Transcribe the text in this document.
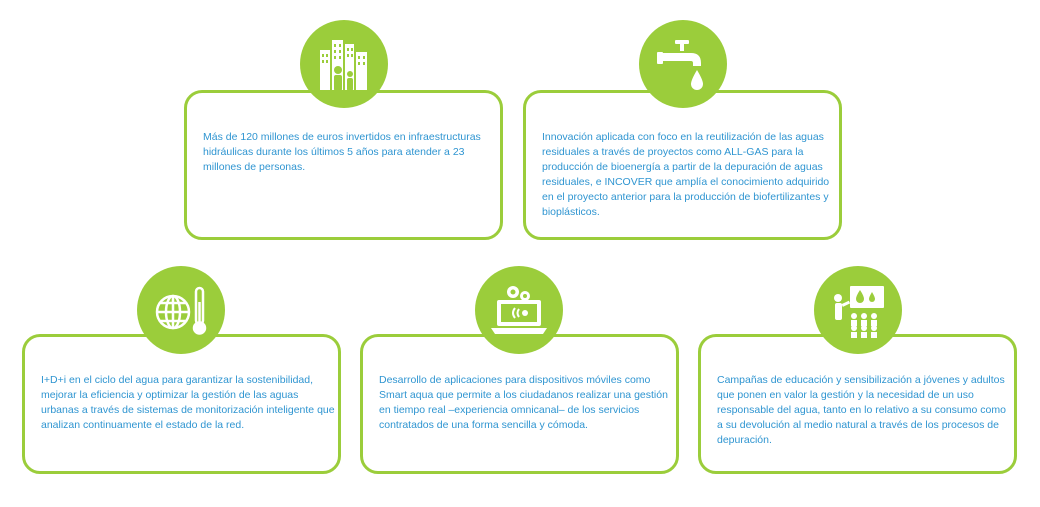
Más de 120 millones de euros invertidos en infraestructuras hidráulicas durante los últimos 5 años para atender a 23 millones de personas.
Innovación aplicada con foco en la reutilización de las aguas residuales a través de proyectos como ALL-GAS para la producción de bioenergía a partir de la depuración de aguas residuales, e INCOVER que amplía el conocimiento adquirido en el proyecto anterior para la producción de biofertilizantes y bioplásticos.
I+D+i en el ciclo del agua para garantizar la sostenibilidad, mejorar la eficiencia y optimizar la gestión de las aguas urbanas a través de sistemas de monitorización inteligente que analizan continuamente el estado de la red.
Desarrollo de aplicaciones para dispositivos móviles como Smart aqua que permite a los ciudadanos realizar una gestión en tiempo real –experiencia omnicanal– de los servicios contratados de una forma sencilla y cómoda.
Campañas de educación y sensibilización a jóvenes y adultos que ponen en valor la gestión y la necesidad de un uso responsable del agua, tanto en lo relativo a su consumo como a su devolución al medio natural a través de los procesos de depuración.
